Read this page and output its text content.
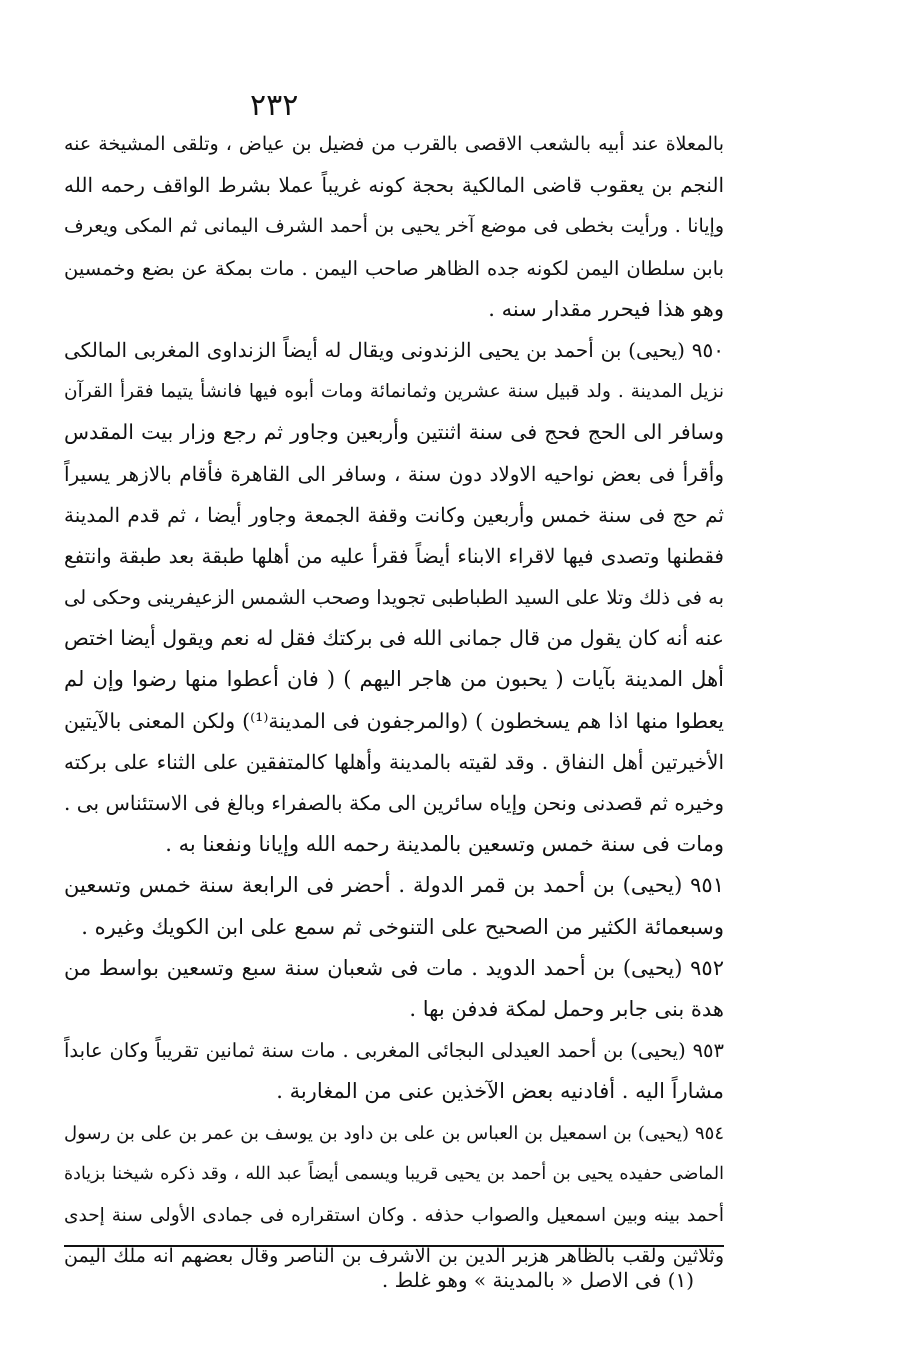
٢٣٢
بالمعلاة عند أبيه بالشعب الاقصى بالقرب من فضيل بن عياض ، وتلقى المشيخة عنه
النجم بن يعقوب قاضى المالكية بحجة كونه غريباً عملا بشرط الواقف رحمه الله
وإيانا . ورأيت بخطى فى موضع آخر يحيى بن أحمد الشرف اليمانى ثم المكى ويعرف
بابن سلطان اليمن لكونه جده الظاهر صاحب اليمن . مات بمكة عن بضع وخمسين
وهو هذا فيحرر مقدار سنه .
٩٥٠ (يحيى) بن أحمد بن يحيى الزندونى ويقال له أيضاً الزنداوى المغربى المالكى
نزيل المدينة . ولد قبيل سنة عشرين وثمانمائة ومات أبوه فيها فانشأ يتيما فقرأ القرآن
وسافر الى الحج فحج فى سنة اثنتين وأربعين وجاور ثم رجع وزار بيت المقدس
وأقرأ فى بعض نواحيه الاولاد دون سنة ، وسافر الى القاهرة فأقام بالازهر يسيراً
ثم حج فى سنة خمس وأربعين وكانت وقفة الجمعة وجاور أيضا ، ثم قدم المدينة
فقطنها وتصدى فيها لاقراء الابناء أيضاً فقرأ عليه من أهلها طبقة بعد طبقة وانتفع
به فى ذلك وتلا على السيد الطباطبى تجويدا وصحب الشمس الزعيفرينى وحكى لى
عنه أنه كان يقول من قال جمانى الله فى بركتك فقل له نعم ويقول أيضا اختص
أهل المدينة بآيات ( يحبون من هاجر اليهم ) ( فان أعطوا منها رضوا وإن لم
يعطوا منها اذا هم يسخطون ) (والمرجفون فى المدينة⁽¹⁾) ولكن المعنى بالآيتين
الأخيرتين أهل النفاق . وقد لقيته بالمدينة وأهلها كالمتفقين على الثناء على بركته
وخيره ثم قصدنى ونحن وإياه سائرين الى مكة بالصفراء وبالغ فى الاستئناس بى .
ومات فى سنة خمس وتسعين بالمدينة رحمه الله وإيانا ونفعنا به .
٩٥١ (يحيى) بن أحمد بن قمر الدولة . أحضر فى الرابعة سنة خمس وتسعين
وسبعمائة الكثير من الصحيح على التنوخى ثم سمع على ابن الكويك وغيره .
٩٥٢ (يحيى) بن أحمد الدويد . مات فى شعبان سنة سبع وتسعين بواسط من
هدة بنى جابر وحمل لمكة فدفن بها .
٩٥٣ (يحيى) بن أحمد العيدلى البجائى المغربى . مات سنة ثمانين تقريباً وكان عابداً
مشاراً اليه . أفادنيه بعض الآخذين عنى من المغاربة .
٩٥٤ (يحيى) بن اسمعيل بن العباس بن على بن داود بن يوسف بن عمر بن على بن رسول
الماضى حفيده يحيى بن أحمد بن يحيى قريبا ويسمى أيضاً عبد الله ، وقد ذكره شيخنا بزيادة
أحمد بينه وبين اسمعيل والصواب حذفه . وكان استقراره فى جمادى الأولى سنة إحدى
وثلاثين ولقب بالظاهر هزبر الدين بن الاشرف بن الناصر وقال بعضهم انه ملك اليمن
(١) فى الاصل « بالمدينة » وهو غلط .
